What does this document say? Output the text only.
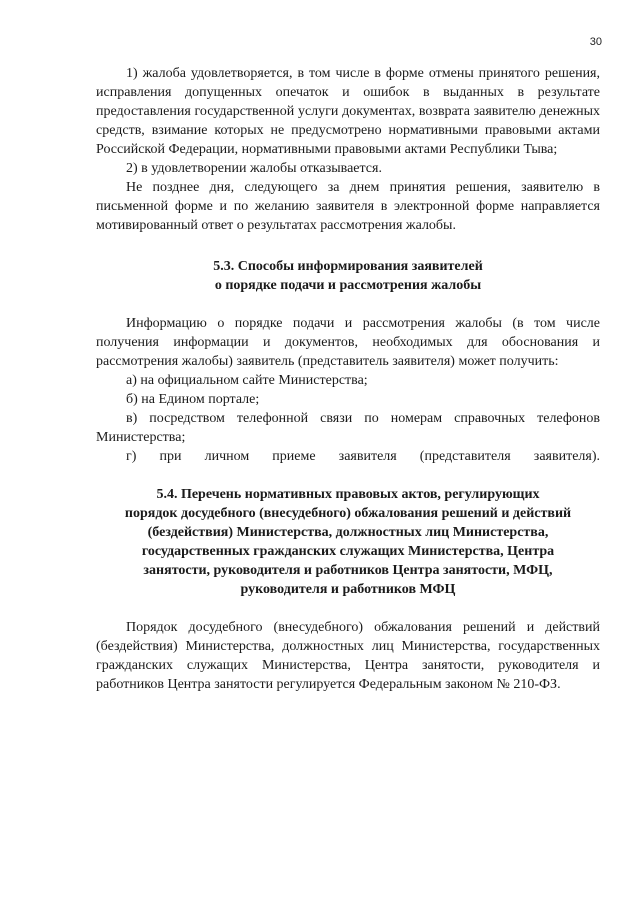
30

1) жалоба удовлетворяется, в том числе в форме отмены принятого решения, исправления допущенных опечаток и ошибок в выданных в результате предоставления государственной услуги документах, возврата заявителю денежных средств, взимание которых не предусмотрено нормативными правовыми актами Российской Федерации, нормативными правовыми актами Республики Тыва;

2) в удовлетворении жалобы отказывается.

Не позднее дня, следующего за днем принятия решения, заявителю в письменной форме и по желанию заявителя в электронной форме направляется мотивированный ответ о результатах рассмотрения жалобы.

5.3. Способы информирования заявителей
о порядке подачи и рассмотрения жалобы

Информацию о порядке подачи и рассмотрения жалобы (в том числе получения информации и документов, необходимых для обоснования и рассмотрения жалобы) заявитель (представитель заявителя) может получить:

а) на официальном сайте Министерства;

б) на Едином портале;

в) посредством телефонной связи по номерам справочных телефонов Министерства;

г) при личном приеме заявителя (представителя заявителя).

5.4. Перечень нормативных правовых актов, регулирующих
порядок досудебного (внесудебного) обжалования решений и действий
(бездействия) Министерства, должностных лиц Министерства,
государственных гражданских служащих Министерства, Центра
занятости, руководителя и работников Центра занятости, МФЦ,
руководителя и работников МФЦ

Порядок досудебного (внесудебного) обжалования решений и действий (бездействия) Министерства, должностных лиц Министерства, государственных гражданских служащих Министерства, Центра занятости, руководителя и работников Центра занятости регулируется Федеральным законом № 210-ФЗ.
